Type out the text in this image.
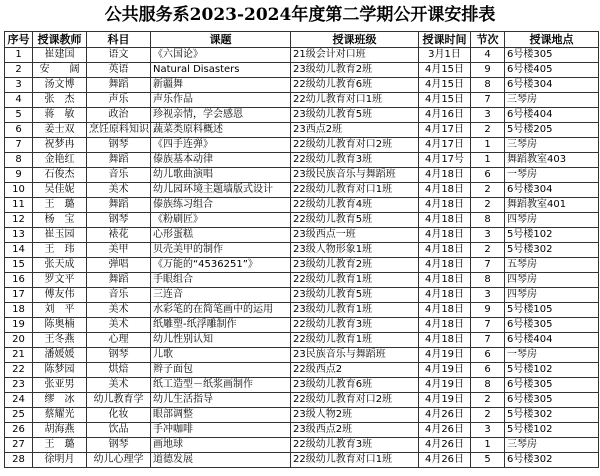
公共服务系2023-2024年度第二学期公开课安排表
序号	授课教师	科目	课题	授课班级	授课时间	节次	授课地点
1	崔建国	语文	《六国论》	21级会计对口班	3月1日	4	6号楼305
2	安　　阔	英语	Natural Disasters	23级幼儿教育2班	4月15日	9	6号楼405
3	汤文博	舞蹈	新疆舞	22级幼儿教育6班	4月15日	8	6号楼304
4	张　杰	声乐	声乐作品	22幼儿教育对口1班	4月15日	7	三琴房
5	蒋　敏	政治	珍视亲情，学会感恩	23级幼儿教育5班	4月16日	3	6号楼404
6	姜士双	烹饪原料知识	蔬菜类原料概述	23西点2班	4月17日	2	5号楼205
7	祝梦冉	钢琴	《四手连弹》	22级幼儿教育对口2班	4月17日	1	三琴房
8	金艳红	舞蹈	傣族基本动律	22级幼儿教育3班	4月17号	1	舞蹈教室403
9	石俊杰	音乐	幼儿歌曲演唱	23级民族音乐与舞蹈班	4月18日	6	一琴房
10	吴佳妮	美术	幼儿园环境主题墙版式设计	22级幼儿教育对口1班	4月18日	2	6号楼304
11	王　璐	舞蹈	傣族练习组合	22级幼儿教育4班	4月18日	2	舞蹈教室401
12	杨　宝	钢琴	《粉刷匠》	22级幼儿教育5班	4月18日	8	四琴房
13	崔玉园	裱花	心形蛋糕	23级西点一班	4月18日	3	5号楼102
14	王　玮	美甲	贝壳美甲的制作	23级人物形象1班	4月18日	2	5号楼302
15	张天成	弹唱	《万能的“4536251”》	23级幼儿教育2班	4月18日	7	五琴房
16	罗文平	舞蹈	手眼组合	22级幼儿教育1班	4月18日	8	四琴房
17	傅友伟	音乐	三连音	23级幼儿教育5班	4月18日	3	四琴房
18	刘　平	美术	水彩笔的在简笔画中的运用	23级幼儿教育1班	4月18日	9	5号楼105
19	陈奥楠	美术	纸雕塑-纸浮雕制作	22级幼儿教育3班	4月18日	7	6号楼305
20	王冬燕	心理	幼儿性别认知	22级幼儿教育1班	4月18日	7	6号楼404
21	潘媛媛	钢琴	儿歌	23民族音乐与舞蹈班	4月19日	6	一琴房
22	陈梦园	烘焙	辫子面包	22级西点2	4月19日	6	5号楼102
23	张亚男	美术	纸工造型－纸浆画制作	23级幼儿教育6班	4月19日	8	6号楼305
24	缪　冰	幼儿教育学	幼儿生活指导	22级幼儿教育对口2班	4月19日	2	6号楼305
25	蔡耀光	化妆	眼部调整	23级人物2班	4月26日	2	5号楼302
26	胡海燕	饮品	手冲咖啡	23级西点2班	4月26日	3	5号楼102
27	王　璐	钢琴	画地球	22级幼儿教育3班	4月26日	1	三琴房
28	徐明月	幼儿心理学	道德发展	22级幼儿教育对口1班	4月26日	5	6号楼302
